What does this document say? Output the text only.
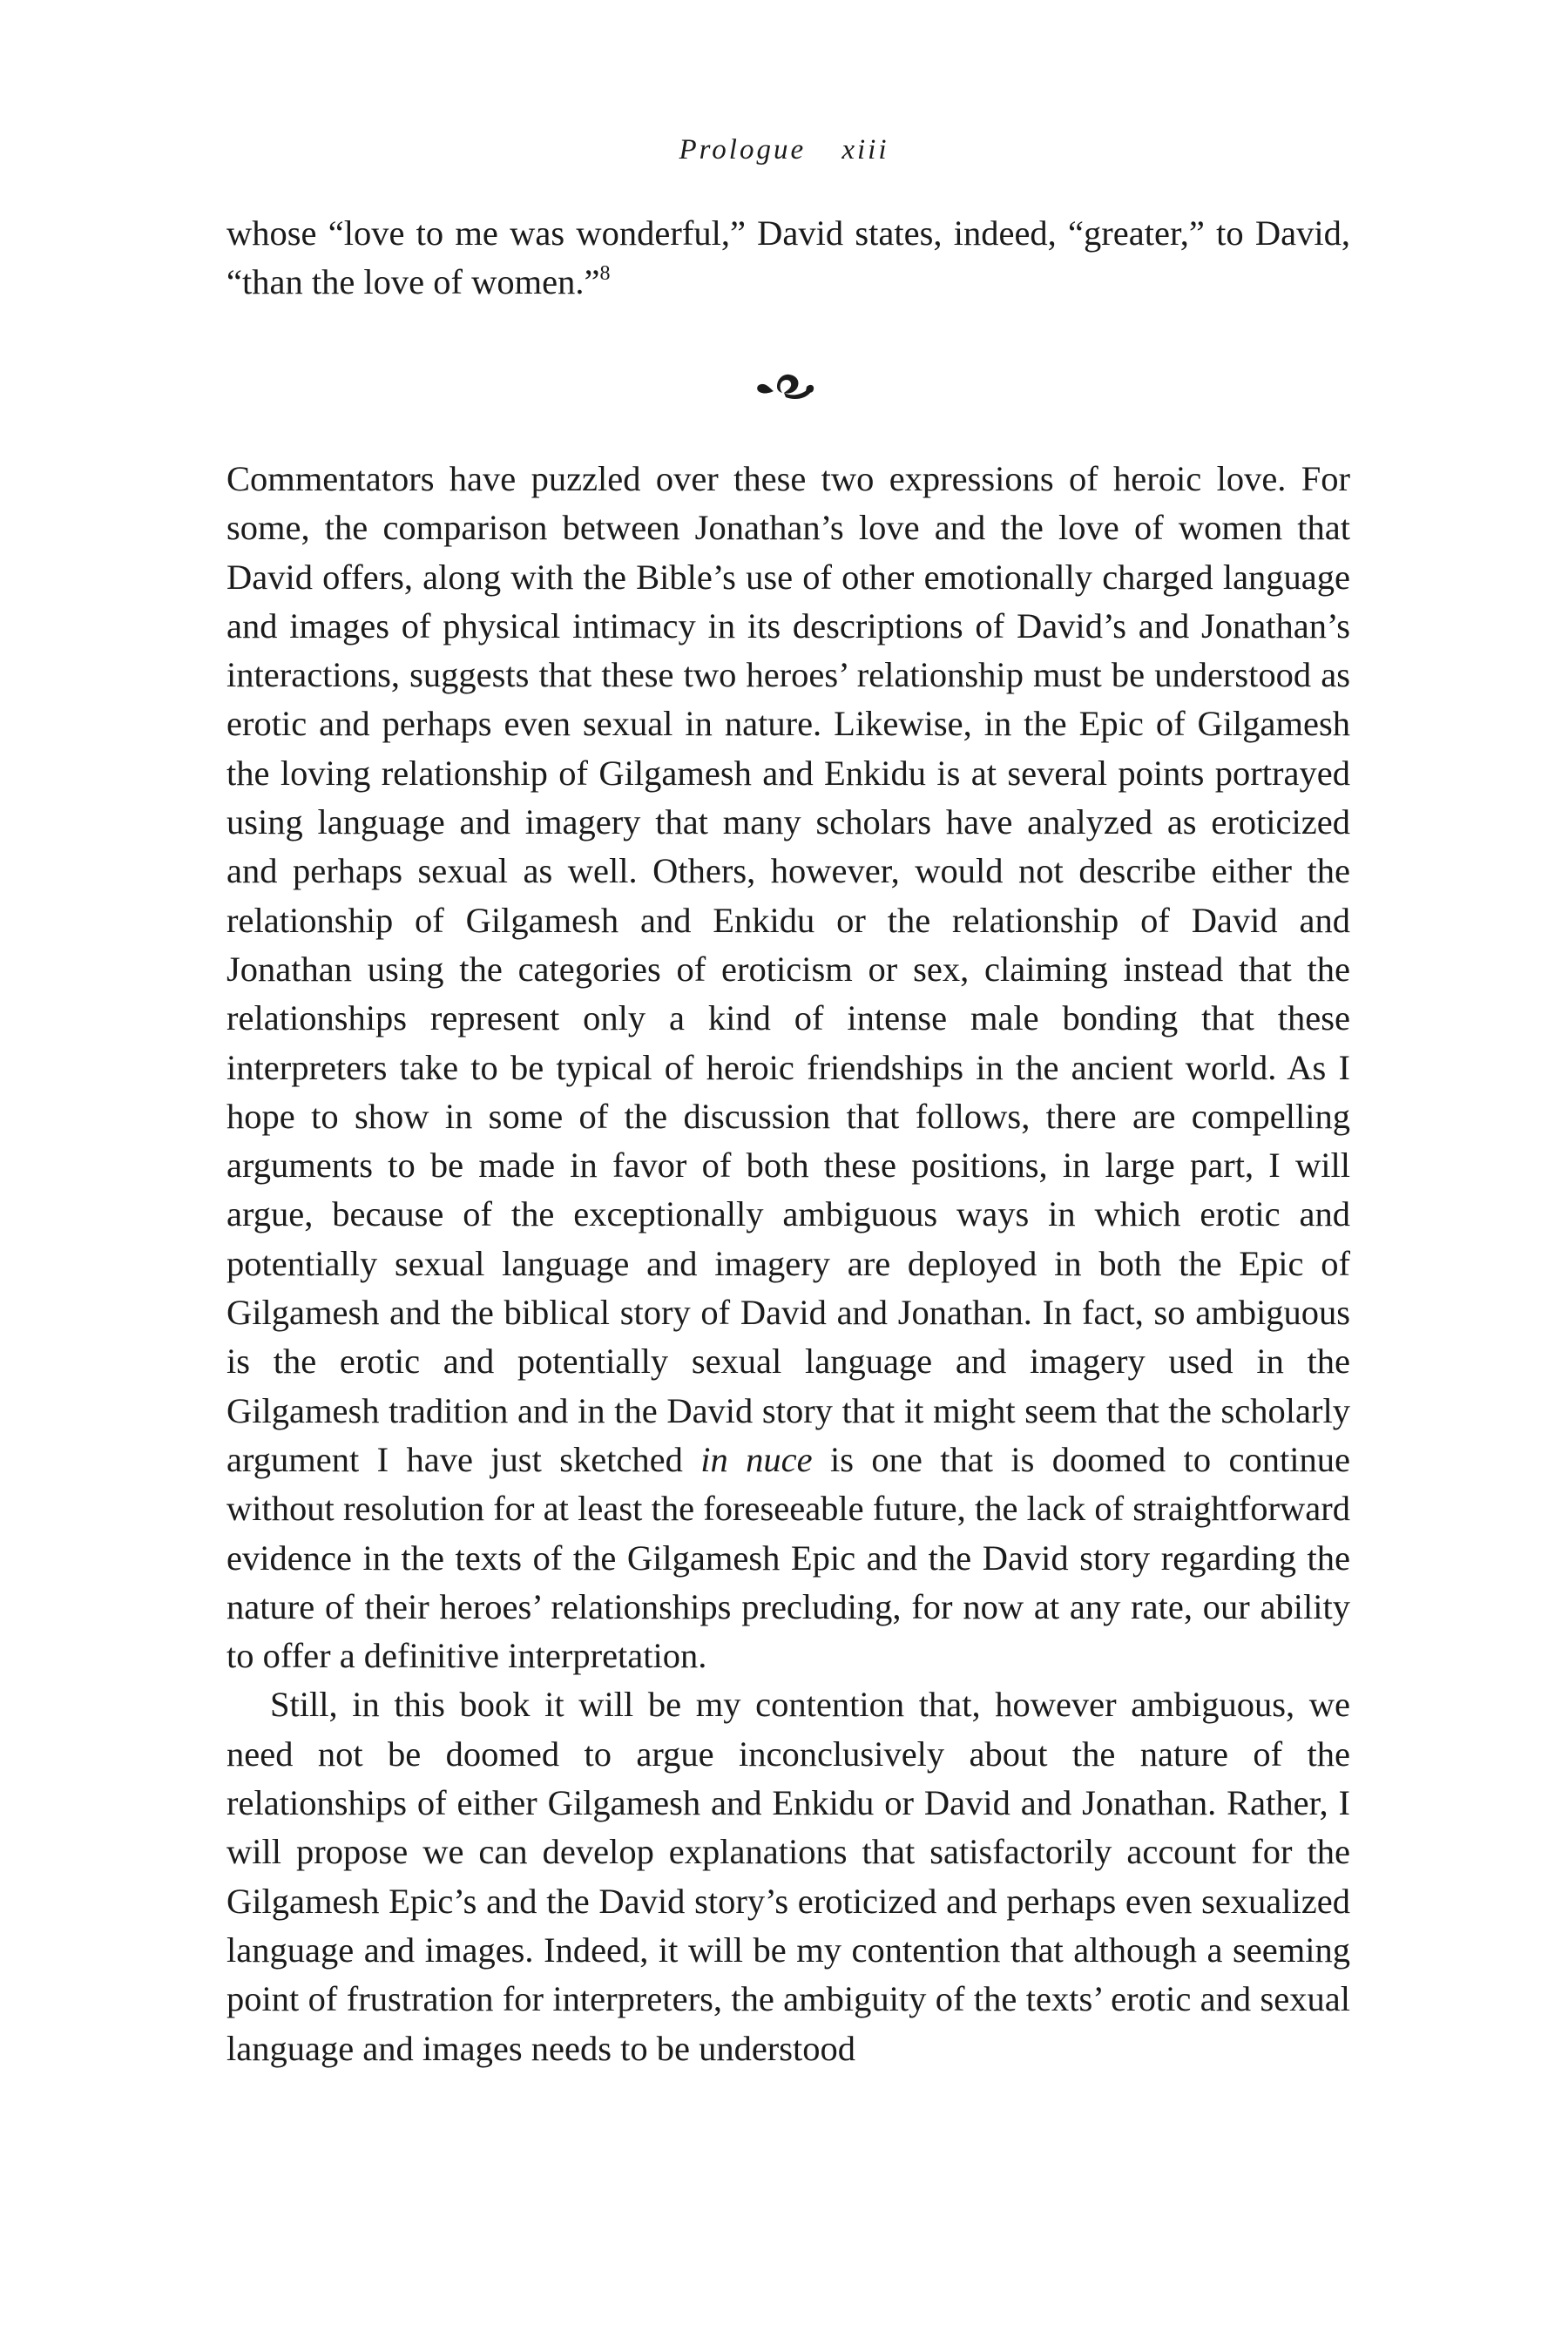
Prologue xiii

whose “love to me was wonderful,” David states, indeed, “greater,” to David, “than the love of women.”$^8$

Commentators have puzzled over these two expressions of heroic love. For some, the comparison between Jonathan’s love and the love of women that David offers, along with the Bible’s use of other emotionally charged language and images of physical intimacy in its descriptions of David’s and Jonathan’s interactions, suggests that these two heroes’ relationship must be understood as erotic and perhaps even sexual in nature. Likewise, in the Epic of Gilgamesh the loving relationship of Gilgamesh and Enkidu is at several points portrayed using language and imagery that many scholars have analyzed as eroticized and perhaps sexual as well. Others, however, would not describe either the relationship of Gilgamesh and Enkidu or the relationship of David and Jonathan using the categories of eroticism or sex, claiming instead that the relationships represent only a kind of intense male bonding that these interpreters take to be typical of heroic friendships in the ancient world. As I hope to show in some of the discussion that follows, there are compelling arguments to be made in favor of both these positions, in large part, I will argue, because of the exceptionally ambiguous ways in which erotic and potentially sexual language and imagery are deployed in both the Epic of Gilgamesh and the biblical story of David and Jonathan. In fact, so ambiguous is the erotic and potentially sexual language and imagery used in the Gilgamesh tradition and in the David story that it might seem that the scholarly argument I have just sketched in nuce is one that is doomed to continue without resolution for at least the foreseeable future, the lack of straightforward evidence in the texts of the Gilgamesh Epic and the David story regarding the nature of their heroes’ relationships precluding, for now at any rate, our ability to offer a definitive interpretation.

Still, in this book it will be my contention that, however ambiguous, we need not be doomed to argue inconclusively about the nature of the relationships of either Gilgamesh and Enkidu or David and Jonathan. Rather, I will propose we can develop explanations that satisfactorily account for the Gilgamesh Epic’s and the David story’s eroticized and perhaps even sexualized language and images. Indeed, it will be my contention that although a seeming point of frustration for interpreters, the ambiguity of the texts’ erotic and sexual language and images needs to be understood
